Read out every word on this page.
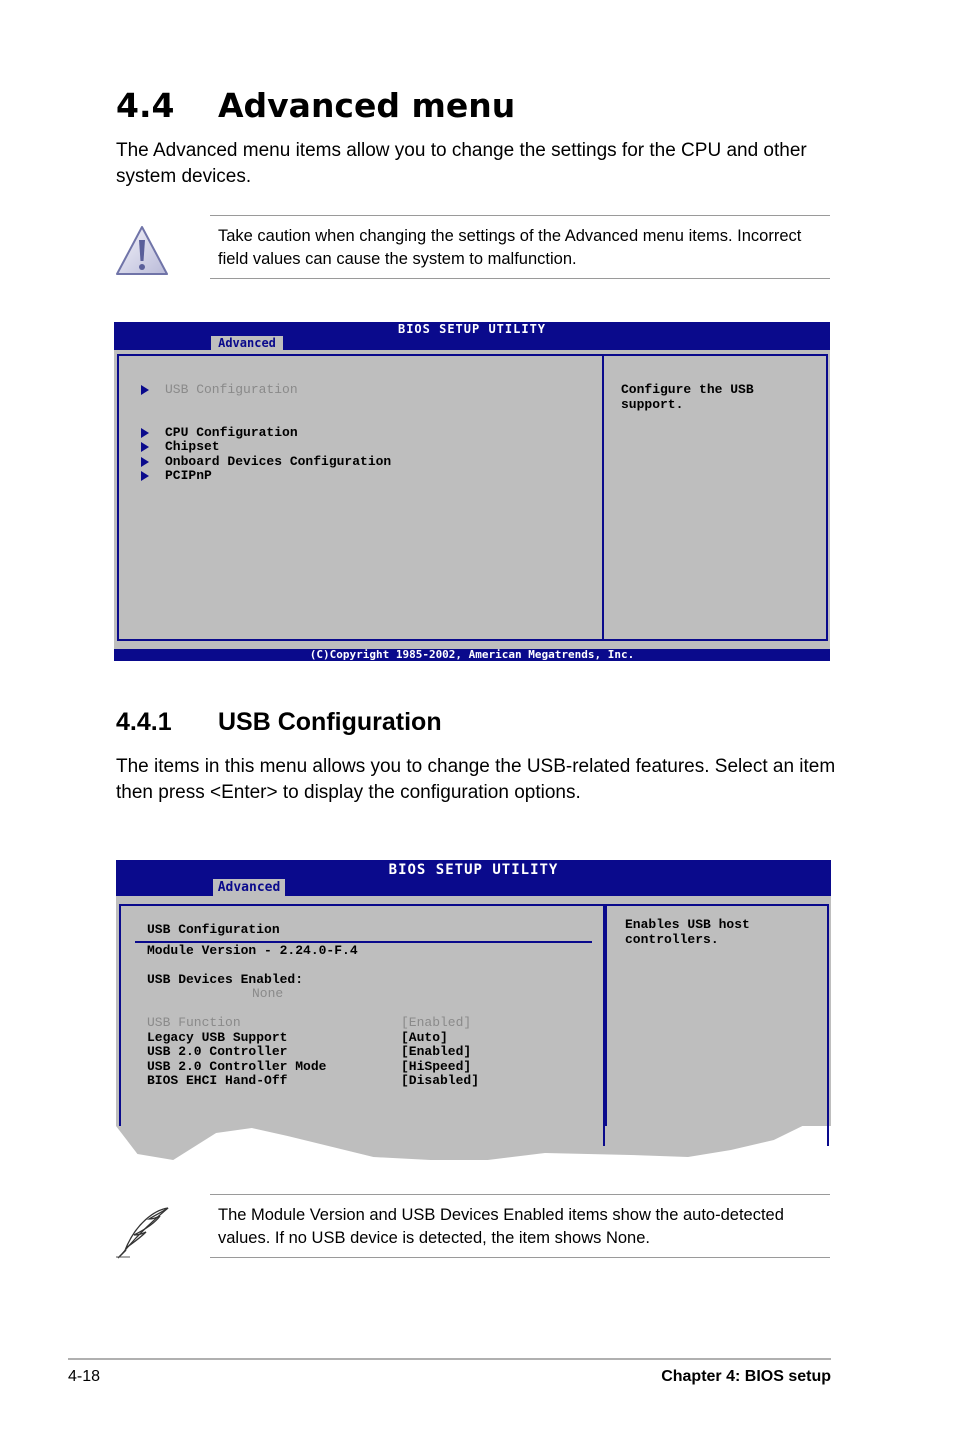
4.4 Advanced menu
The Advanced menu items allow you to change the settings for the CPU and other system devices.
Take caution when changing the settings of the Advanced menu items. Incorrect field values can cause the system to malfunction.
BIOS SETUP UTILITY
Advanced
USB Configuration
CPU Configuration
Chipset
Onboard Devices Configuration
PCIPnP
Configure the USB
support.
(C)Copyright 1985-2002, American Megatrends, Inc.
4.4.1 USB Configuration
The items in this menu allows you to change the USB-related features. Select an item then press <Enter> to display the configuration options.
BIOS SETUP UTILITY
Advanced
USB Configuration
Module Version - 2.24.0-F.4
USB Devices Enabled:
None
USB Function	[Enabled]
Legacy USB Support	[Auto]
USB 2.0 Controller	[Enabled]
USB 2.0 Controller Mode	[HiSpeed]
BIOS EHCI Hand-Off	[Disabled]
Enables USB host
controllers.
The Module Version and USB Devices Enabled items show the auto-detected values. If no USB device is detected, the item shows None.
4-18	Chapter 4: BIOS setup
